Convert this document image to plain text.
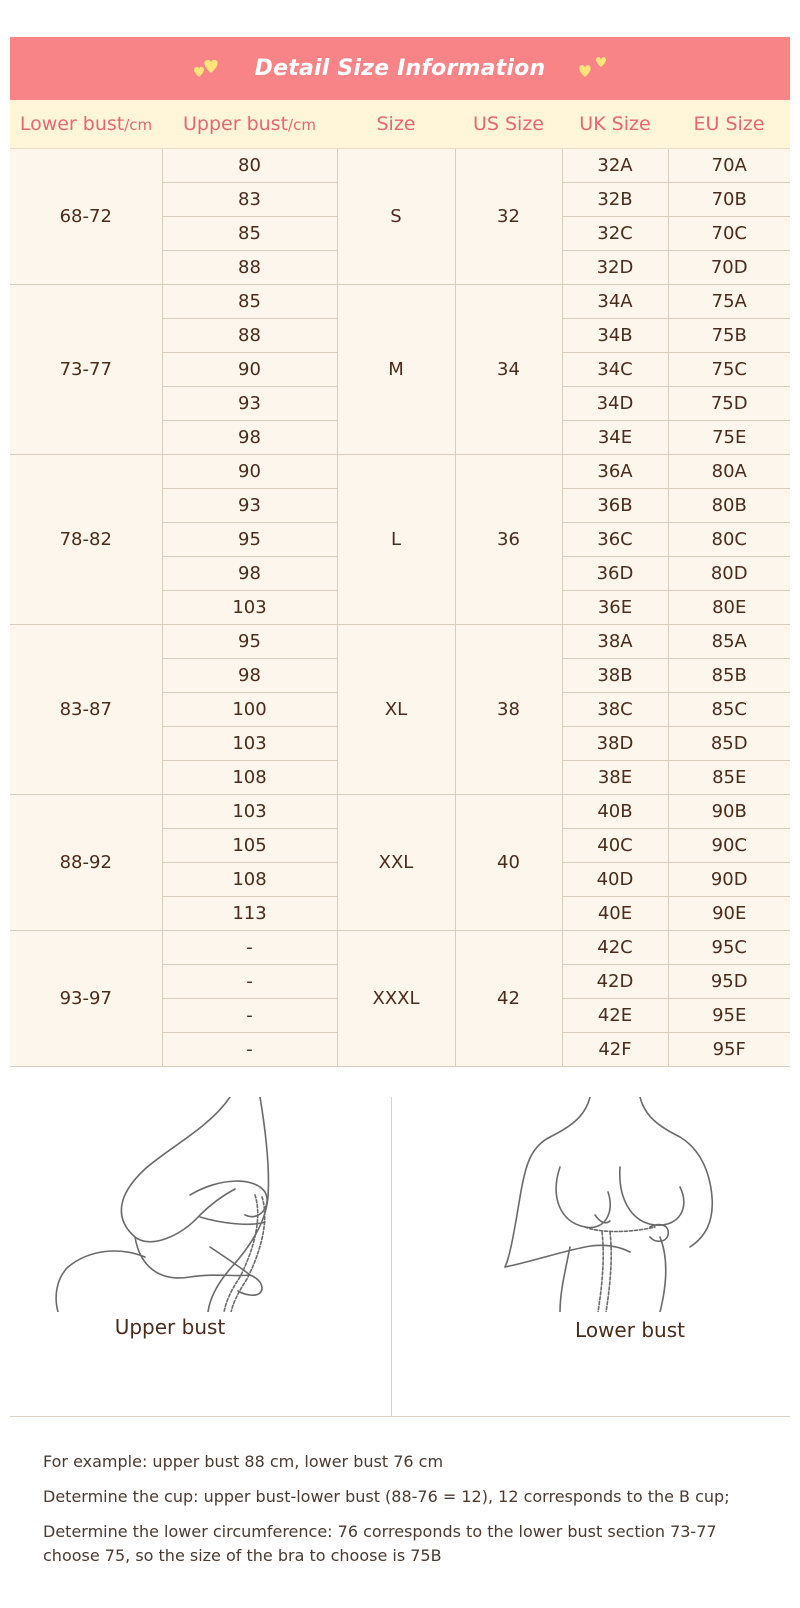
Detail Size Information
Lower bust/cm	Upper bust/cm	Size	US Size	UK Size	EU Size
68-72	80	S	32	32A	70A
	83			32B	70B
	85			32C	70C
	88			32D	70D
73-77	85	M	34	34A	75A
	88			34B	75B
	90			34C	75C
	93			34D	75D
	98			34E	75E
78-82	90	L	36	36A	80A
	93			36B	80B
	95			36C	80C
	98			36D	80D
	103			36E	80E
83-87	95	XL	38	38A	85A
	98			38B	85B
	100			38C	85C
	103			38D	85D
	108			38E	85E
88-92	103	XXL	40	40B	90B
	105			40C	90C
	108			40D	90D
	113			40E	90E
93-97	-	XXXL	42	42C	95C
	-			42D	95D
	-			42E	95E
	-			42F	95F
Upper bust	Lower bust

For example: upper bust 88 cm, lower bust 76 cm

Determine the cup: upper bust-lower bust (88-76 = 12), 12 corresponds to the B cup;

Determine the lower circumference: 76 corresponds to the lower bust section 73-77 choose 75, so the size of the bra to choose is 75B
